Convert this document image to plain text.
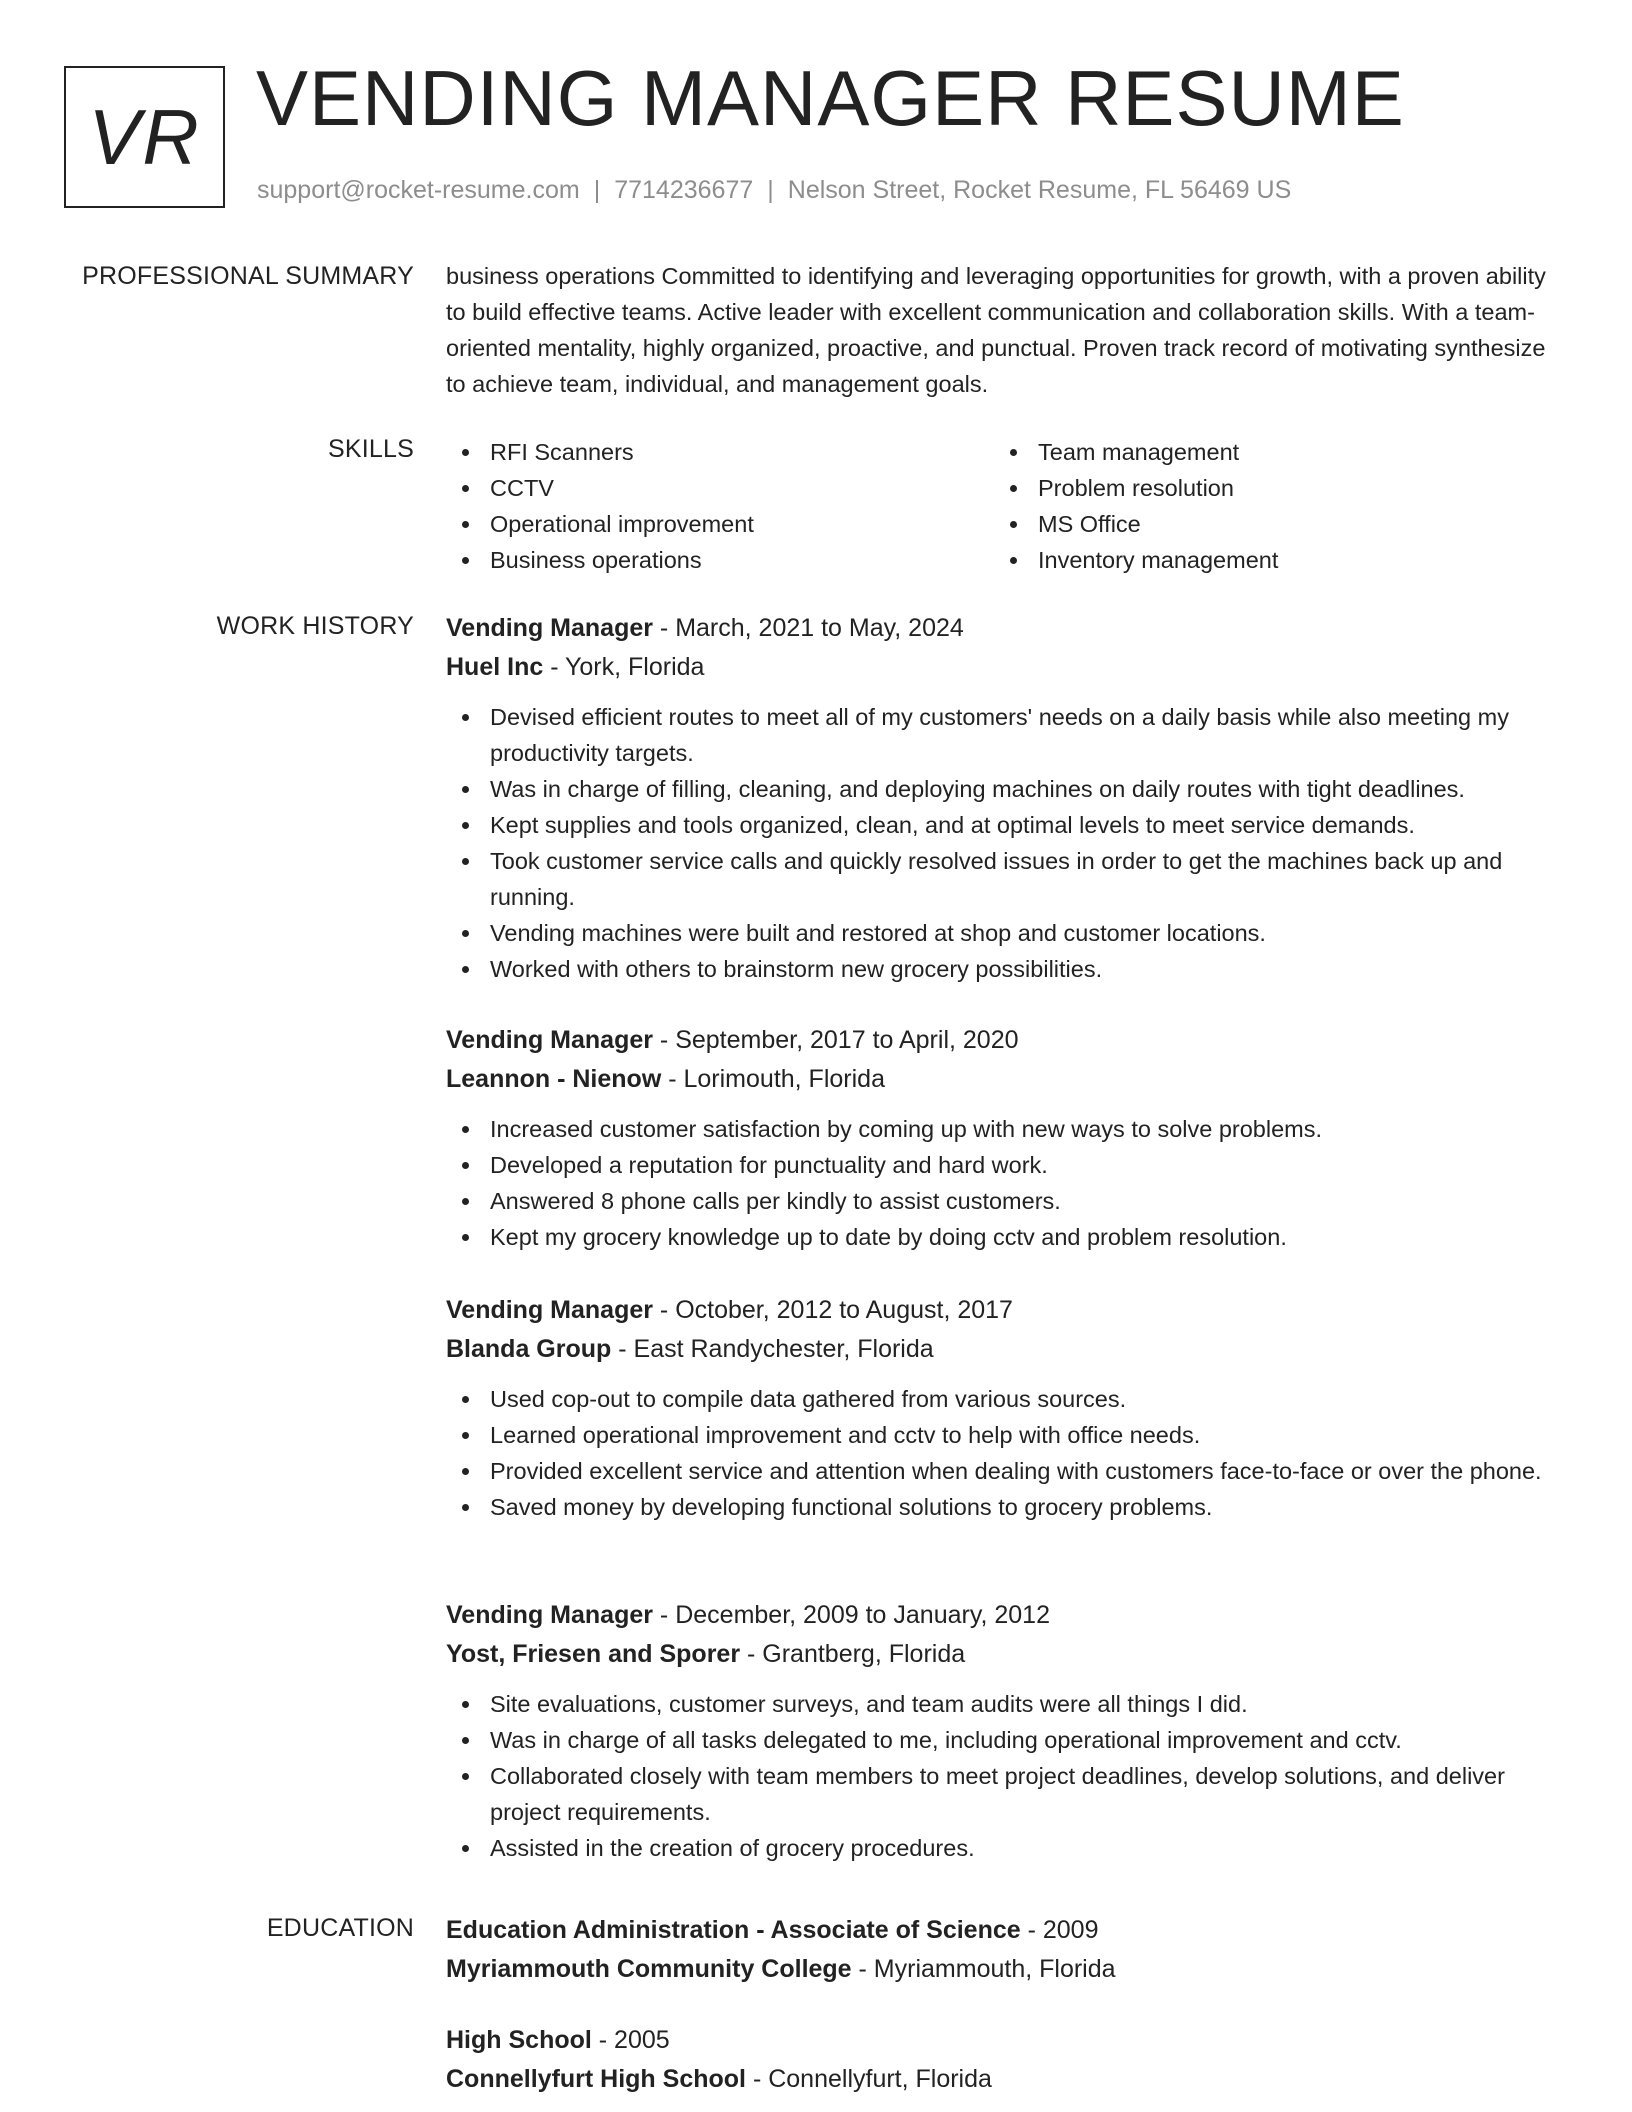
VR VENDING MANAGER RESUME
support@rocket-resume.com | 7714236677 | Nelson Street, Rocket Resume, FL 56469 US
PROFESSIONAL SUMMARY business operations Committed to identifying and leveraging opportunities for growth, with a proven ability to build effective teams. Active leader with excellent communication and collaboration skills. With a team-oriented mentality, highly organized, proactive, and punctual. Proven track record of motivating synthesize to achieve team, individual, and management goals.

SKILLS	RFI Scanners
CCTV
Operational improvement
Business operations
Team management
Problem resolution
MS Office
Inventory management
WORK HISTORY Vending Manager - March, 2021 to May, 2024
Huel Inc - York, Florida
Devised efficient routes to meet all of my customers' needs on a daily basis while also meeting my productivity targets.
Was in charge of filling, cleaning, and deploying machines on daily routes with tight deadlines.
Kept supplies and tools organized, clean, and at optimal levels to meet service demands.
Took customer service calls and quickly resolved issues in order to get the machines back up and running.
Vending machines were built and restored at shop and customer locations.
Worked with others to brainstorm new grocery possibilities.
Vending Manager - September, 2017 to April, 2020
Leannon - Nienow - Lorimouth, Florida
Increased customer satisfaction by coming up with new ways to solve problems.
Developed a reputation for punctuality and hard work.
Answered 8 phone calls per kindly to assist customers.
Kept my grocery knowledge up to date by doing cctv and problem resolution.
Vending Manager - October, 2012 to August, 2017
Blanda Group - East Randychester, Florida
Used cop-out to compile data gathered from various sources.
Learned operational improvement and cctv to help with office needs.
Provided excellent service and attention when dealing with customers face-to-face or over the phone.
Saved money by developing functional solutions to grocery problems.
Vending Manager - December, 2009 to January, 2012
Yost, Friesen and Sporer - Grantberg, Florida
Site evaluations, customer surveys, and team audits were all things I did.
Was in charge of all tasks delegated to me, including operational improvement and cctv.
Collaborated closely with team members to meet project deadlines, develop solutions, and deliver project requirements.
Assisted in the creation of grocery procedures.
EDUCATION Education Administration - Associate of Science - 2009
Myriammouth Community College - Myriammouth, Florida
High School - 2005
Connellyfurt High School - Connellyfurt, Florida
